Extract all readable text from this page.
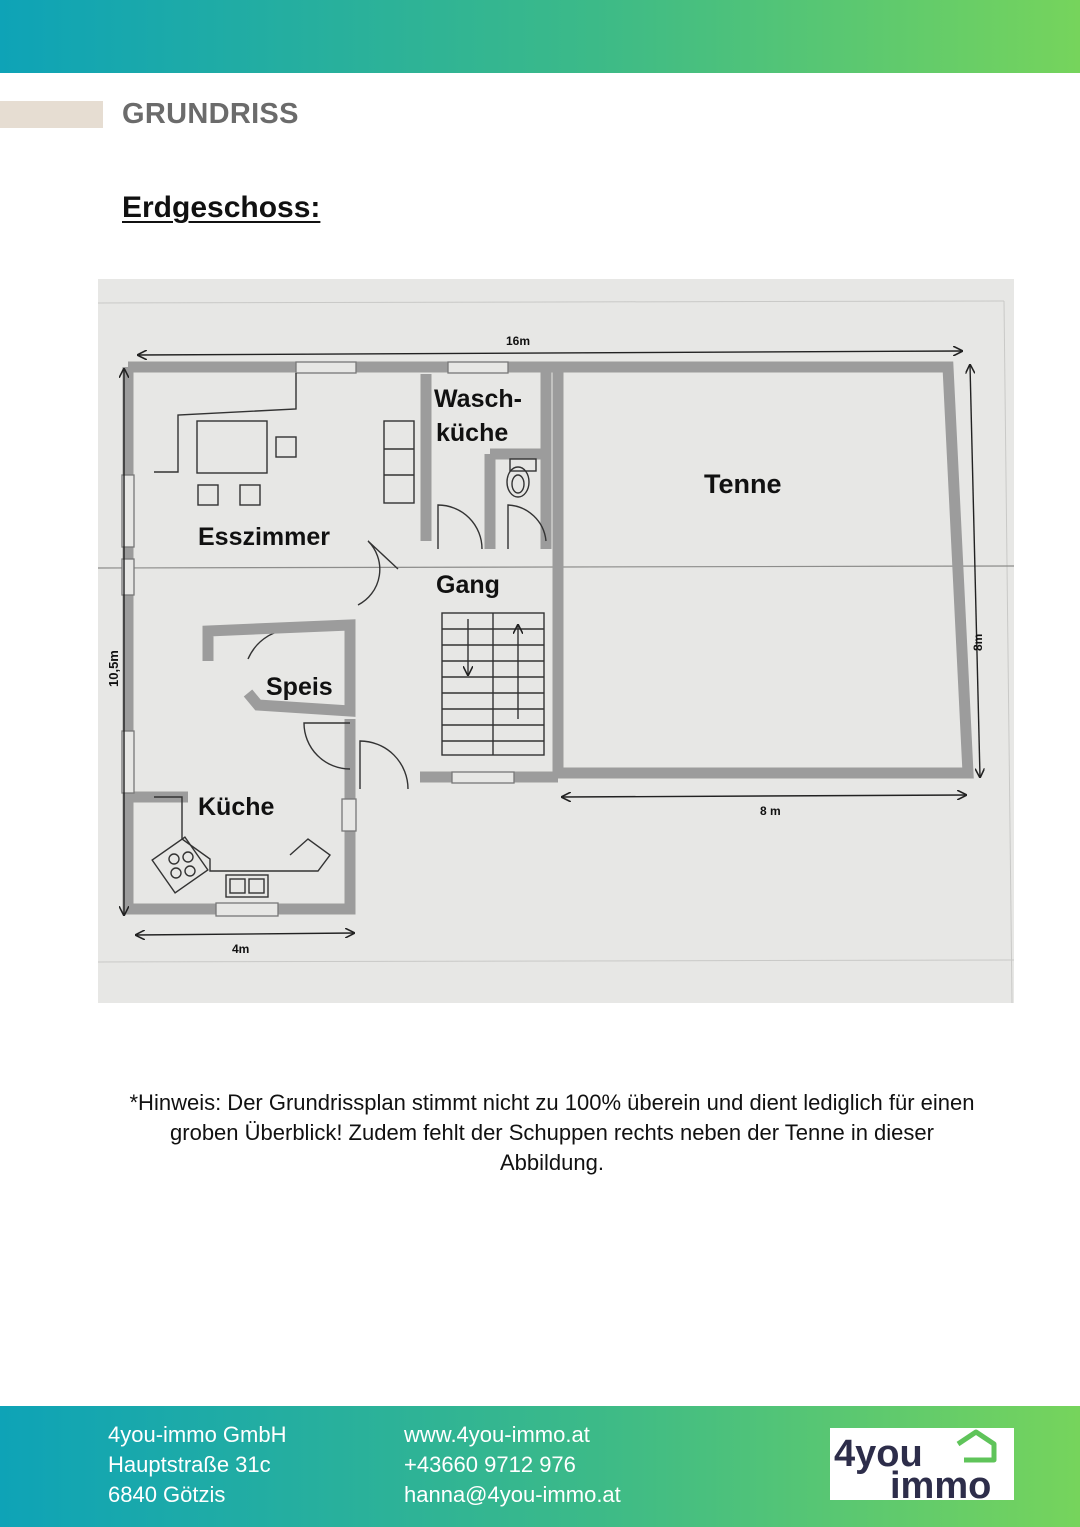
GRUNDRISS
Erdgeschoss:
Wasch-
küche
Tenne
Esszimmer
Gang
Speis
Küche
16m
10,5m
8m
8 m
4m
*Hinweis: Der Grundrissplan stimmt nicht zu 100% überein und dient lediglich für einen
groben Überblick! Zudem fehlt der Schuppen rechts neben der Tenne in dieser
Abbildung.
4you-immo GmbH
Hauptstraße 31c
6840 Götzis
www.4you-immo.at
+43660 9712 976
hanna@4you-immo.at
4you
immo
